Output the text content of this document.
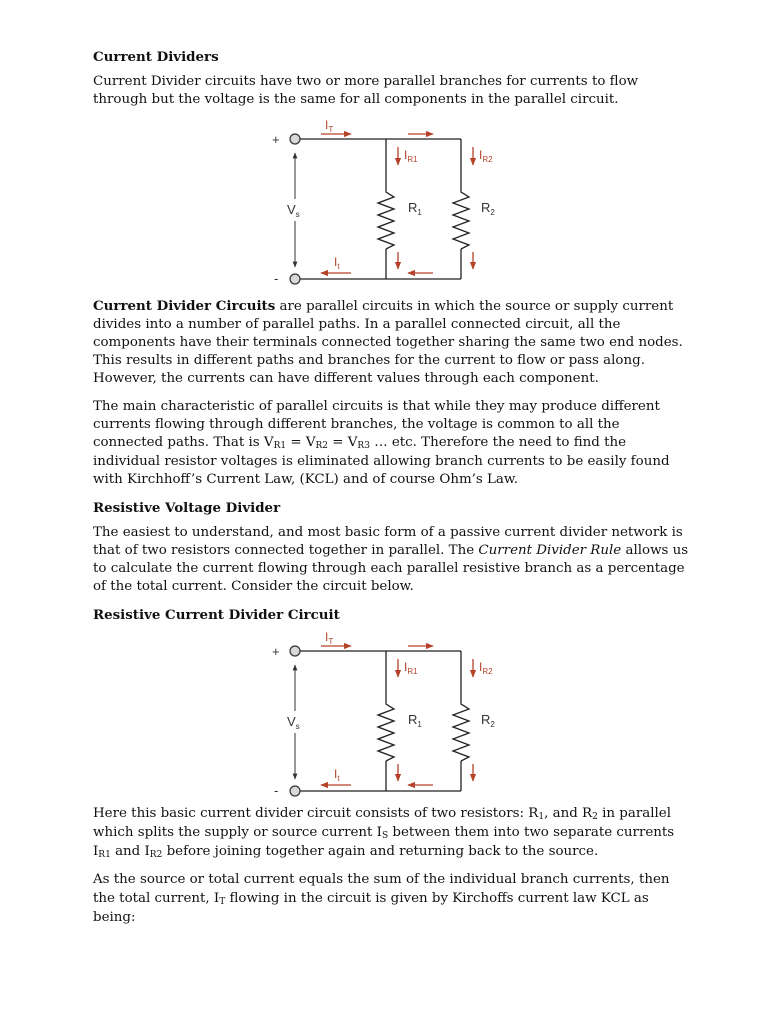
Current Dividers

Current Divider circuits have two or more parallel branches for currents to flow through but the voltage is the same for all components in the parallel circuit.

+
-
$V_s$
$I_T$
$I_{R1}$	$I_{R2}$
$R_1$	$R_2$
$I_t$

Current Divider Circuits are parallel circuits in which the source or supply current divides into a number of parallel paths. In a parallel connected circuit, all the components have their terminals connected together sharing the same two end nodes. This results in different paths and branches for the current to flow or pass along. However, the currents can have different values through each component.

The main characteristic of parallel circuits is that while they may produce different currents flowing through different branches, the voltage is common to all the connected paths. That is VR1 = VR2 = VR3 … etc. Therefore the need to find the individual resistor voltages is eliminated allowing branch currents to be easily found with Kirchhoff’s Current Law, (KCL) and of course Ohm’s Law.

Resistive Voltage Divider

The easiest to understand, and most basic form of a passive current divider network is that of two resistors connected together in parallel. The Current Divider Rule allows us to calculate the current flowing through each parallel resistive branch as a percentage of the total current. Consider the circuit below.

Resistive Current Divider Circuit
+
-
$V_s$
$I_T$
$I_{R1}$	$I_{R2}$
$R_1$	$R_2$
$I_t$

Here this basic current divider circuit consists of two resistors: R1, and R2 in parallel which splits the supply or source current IS between them into two separate currents IR1 and IR2 before joining together again and returning back to the source.

As the source or total current equals the sum of the individual branch currents, then the total current, IT flowing in the circuit is given by Kirchoffs current law KCL as being:
